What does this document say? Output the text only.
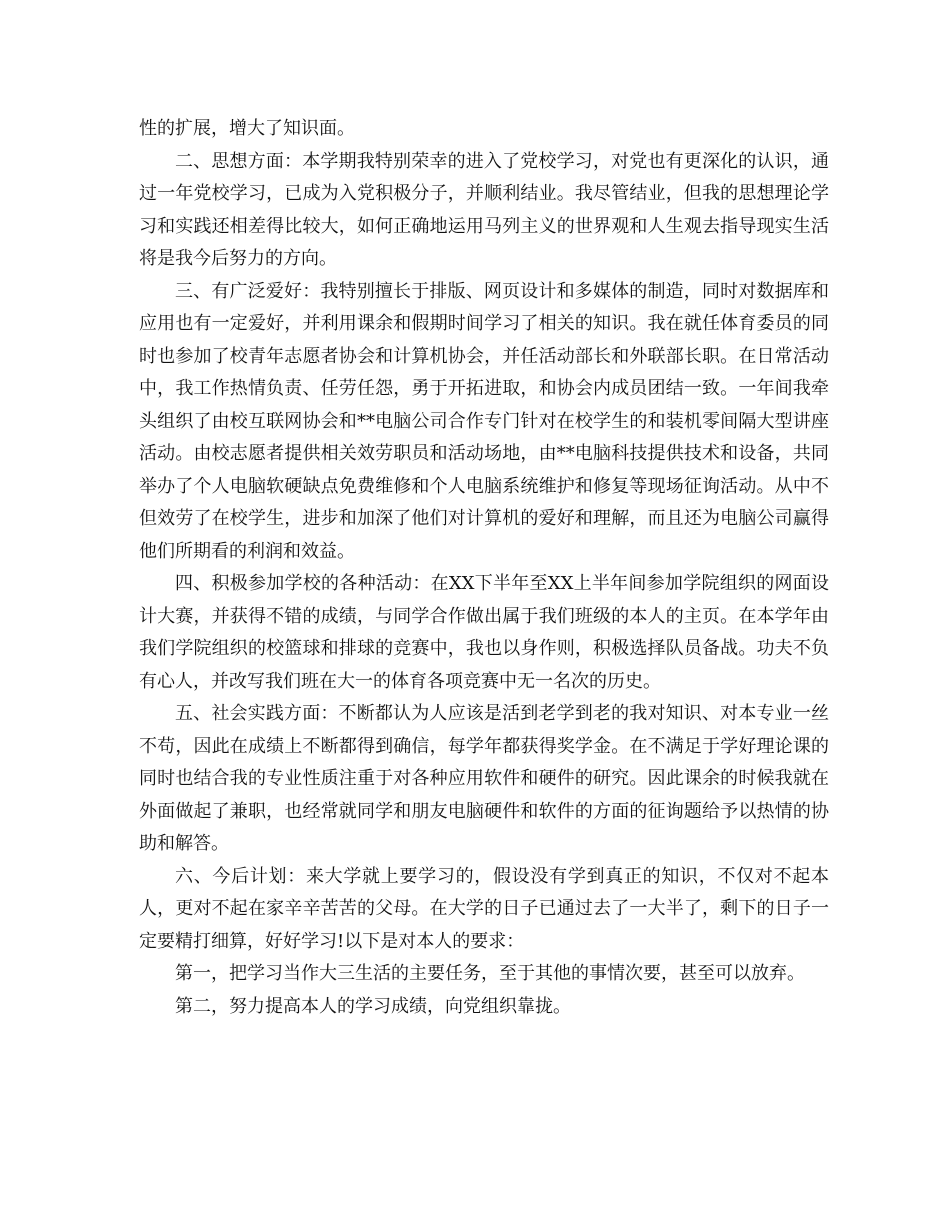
性的扩展，增大了知识面。

二、思想方面：本学期我特别荣幸的进入了党校学习，对党也有更深化的认识，通过一年党校学习，已成为入党积极分子，并顺利结业。我尽管结业，但我的思想理论学习和实践还相差得比较大，如何正确地运用马列主义的世界观和人生观去指导现实生活将是我今后努力的方向。

三、有广泛爱好：我特别擅长于排版、网页设计和多媒体的制造，同时对数据库和应用也有一定爱好，并利用课余和假期时间学习了相关的知识。我在就任体育委员的同时也参加了校青年志愿者协会和计算机协会，并任活动部长和外联部长职。在日常活动中，我工作热情负责、任劳任怨，勇于开拓进取，和协会内成员团结一致。一年间我牵头组织了由校互联网协会和**电脑公司合作专门针对在校学生的和装机零间隔大型讲座活动。由校志愿者提供相关效劳职员和活动场地，由**电脑科技提供技术和设备，共同举办了个人电脑软硬缺点免费维修和个人电脑系统维护和修复等现场征询活动。从中不但效劳了在校学生，进步和加深了他们对计算机的爱好和理解，而且还为电脑公司赢得他们所期看的利润和效益。

四、积极参加学校的各种活动：在XX下半年至XX上半年间参加学院组织的网面设计大赛，并获得不错的成绩，与同学合作做出属于我们班级的本人的主页。在本学年由我们学院组织的校篮球和排球的竞赛中，我也以身作则，积极选择队员备战。功夫不负有心人，并改写我们班在大一的体育各项竞赛中无一名次的历史。

五、社会实践方面：不断都认为人应该是活到老学到老的我对知识、对本专业一丝不苟，因此在成绩上不断都得到确信，每学年都获得奖学金。在不满足于学好理论课的同时也结合我的专业性质注重于对各种应用软件和硬件的研究。因此课余的时候我就在外面做起了兼职，也经常就同学和朋友电脑硬件和软件的方面的征询题给予以热情的协助和解答。

六、今后计划：来大学就上要学习的，假设没有学到真正的知识，不仅对不起本人，更对不起在家辛辛苦苦的父母。在大学的日子已通过去了一大半了，剩下的日子一定要精打细算，好好学习!以下是对本人的要求：

第一，把学习当作大三生活的主要任务，至于其他的事情次要，甚至可以放弃。

第二，努力提高本人的学习成绩，向党组织靠拢。
